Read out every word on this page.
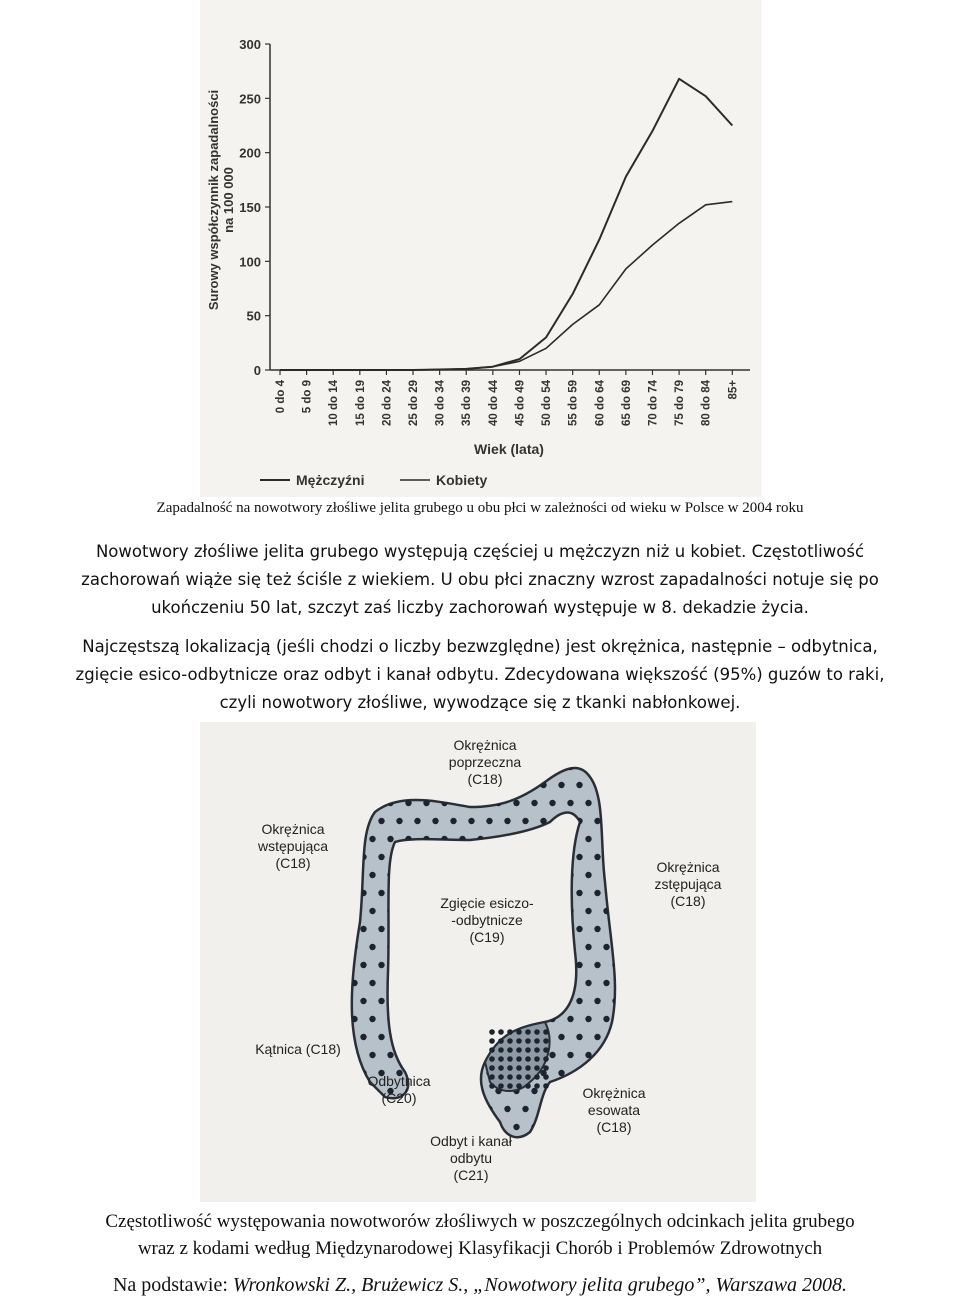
Surowy współczynnik zapadalności na 100 000
0
50
100
150
200
250
300
0 do 4 5 do 9 10 do 14 15 do 19 20 do 24 25 do 29 30 do 34 35 do 39 40 do 44 45 do 49 50 do 54 55 do 59 60 do 64 65 do 69 70 do 74 75 do 79 80 do 84 85+
Wiek (lata)
Mężczyźni	Kobiety
Zapadalność na nowotwory złośliwe jelita grubego u obu płci w zależności od wieku w Polsce w 2004 roku
Nowotwory złośliwe jelita grubego występują częściej u mężczyzn niż u kobiet. Częstotliwość
zachorowań wiąże się też ściśle z wiekiem. U obu płci znaczny wzrost zapadalności notuje się po
ukończeniu 50 lat, szczyt zaś liczby zachorowań występuje w 8. dekadzie życia.
Najczęstszą lokalizacją (jeśli chodzi o liczby bezwzględne) jest okrężnica, następnie – odbytnica,
zgięcie esico-odbytnicze oraz odbyt i kanał odbytu. Zdecydowana większość (95%) guzów to raki,
czyli nowotwory złośliwe, wywodzące się z tkanki nabłonkowej.
Okrężnica poprzeczna (C18)
Okrężnica wstępująca (C18)	Okrężnica zstępująca (C18)
Zgięcie esiczo--odbytnicze (C19)
Kątnica (C18)
Odbytnica (C20)	Okrężnica esowata (C18)
Odbyt i kanał odbytu (C21)
Częstotliwość występowania nowotworów złośliwych w poszczególnych odcinkach jelita grubego
wraz z kodami według Międzynarodowej Klasyfikacji Chorób i Problemów Zdrowotnych
Na podstawie: Wronkowski Z., Brużewicz S., „Nowotwory jelita grubego”, Warszawa 2008.
